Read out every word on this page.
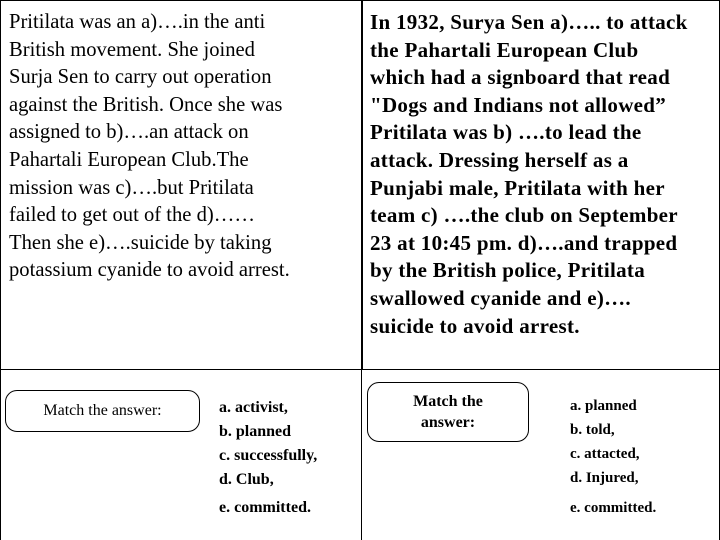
Pritilata was an a)….in the anti

British movement. She joined

Surja Sen to carry out operation

against the British. Once she was

assigned to b)….an attack on

Pahartali European Club.The

mission was c)….but Pritilata

failed to get out of the d)……

Then she e)….suicide by taking

potassium cyanide to avoid arrest.

In 1932, Surya Sen a)….. to attack

the Pahartali European Club

which had a signboard that read

"Dogs and Indians not allowed”

Pritilata was b) ….to lead the

attack. Dressing herself as a

Punjabi male, Pritilata with her

team c) ….the club on September

23 at 10:45 pm. d)….and trapped

by the British police, Pritilata

swallowed cyanide and e)….

suicide to avoid arrest.

Match the answer:	a. activist,
b. planned
c. successfully,
d. Club,
e. committed.
Match the
answer:
a. planned
b. told,
c. attacted,
d. Injured,
e. committed.
